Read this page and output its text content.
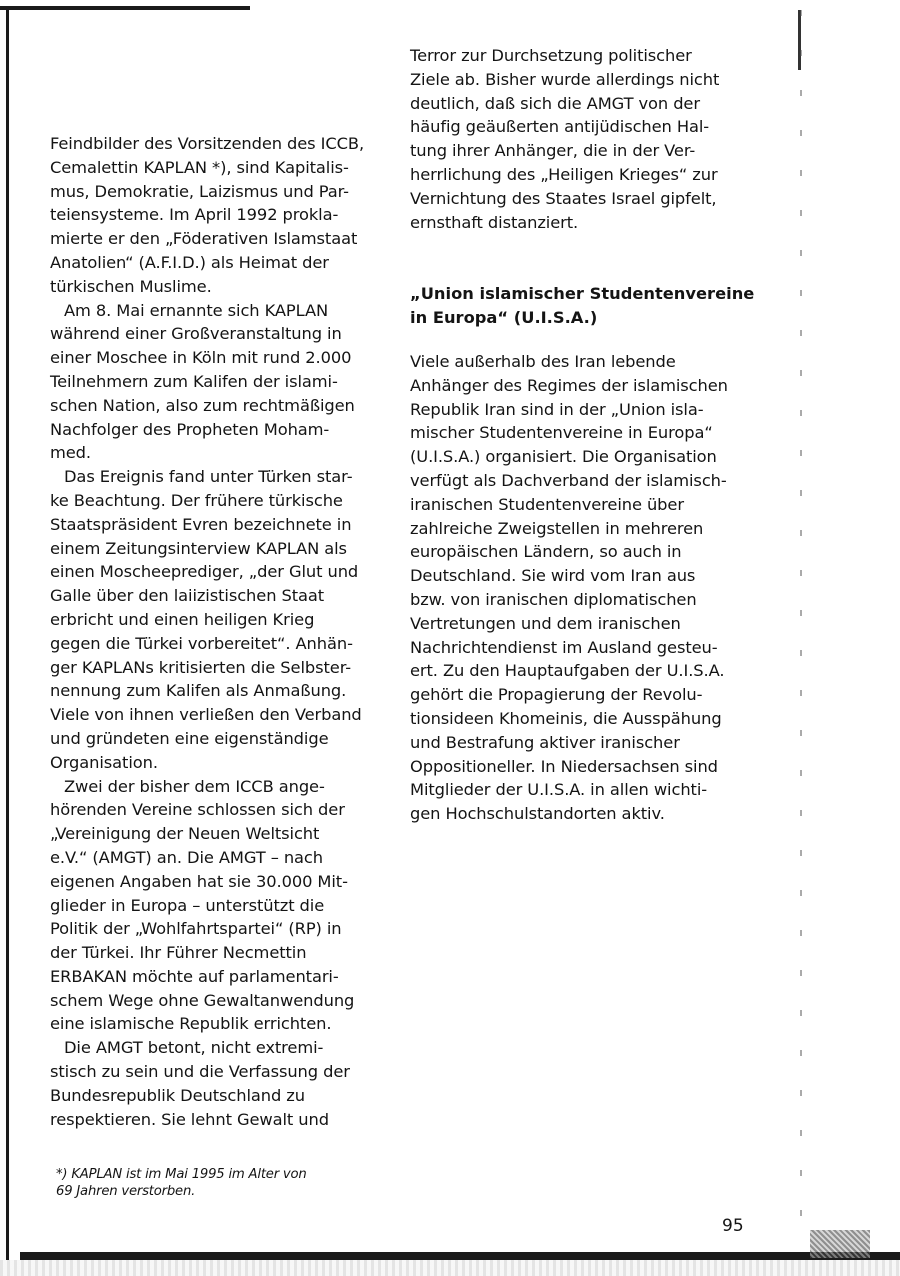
Feindbilder des Vorsitzenden des ICCB,
Cemalettin KAPLAN *), sind Kapitalis-
mus, Demokratie, Laizismus und Par-
teiensysteme. Im April 1992 prokla-
mierte er den „Föderativen Islamstaat
Anatolien“ (A.F.I.D.) als Heimat der
türkischen Muslime.
Am 8. Mai ernannte sich KAPLAN
während einer Großveranstaltung in
einer Moschee in Köln mit rund 2.000
Teilnehmern zum Kalifen der islami-
schen Nation, also zum rechtmäßigen
Nachfolger des Propheten Moham-
med.
Das Ereignis fand unter Türken star-
ke Beachtung. Der frühere türkische
Staatspräsident Evren bezeichnete in
einem Zeitungsinterview KAPLAN als
einen Moscheeprediger, „der Glut und
Galle über den laiizistischen Staat
erbricht und einen heiligen Krieg
gegen die Türkei vorbereitet“. Anhän-
ger KAPLANs kritisierten die Selbster-
nennung zum Kalifen als Anmaßung.
Viele von ihnen verließen den Verband
und gründeten eine eigenständige
Organisation.
Zwei der bisher dem ICCB ange-
hörenden Vereine schlossen sich der
„Vereinigung der Neuen Weltsicht
e.V.“ (AMGT) an. Die AMGT – nach
eigenen Angaben hat sie 30.000 Mit-
glieder in Europa – unterstützt die
Politik der „Wohlfahrtspartei“ (RP) in
der Türkei. Ihr Führer Necmettin
ERBAKAN möchte auf parlamentari-
schem Wege ohne Gewaltanwendung
eine islamische Republik errichten.
Die AMGT betont, nicht extremi-
stisch zu sein und die Verfassung der
Bundesrepublik Deutschland zu
respektieren. Sie lehnt Gewalt und
Terror zur Durchsetzung politischer
Ziele ab. Bisher wurde allerdings nicht
deutlich, daß sich die AMGT von der
häufig geäußerten antijüdischen Hal-
tung ihrer Anhänger, die in der Ver-
herrlichung des „Heiligen Krieges“ zur
Vernichtung des Staates Israel gipfelt,
ernsthaft distanziert.
„Union islamischer Studentenvereine
in Europa“ (U.I.S.A.)
Viele außerhalb des Iran lebende
Anhänger des Regimes der islamischen
Republik Iran sind in der „Union isla-
mischer Studentenvereine in Europa“
(U.I.S.A.) organisiert. Die Organisation
verfügt als Dachverband der islamisch-
iranischen Studentenvereine über
zahlreiche Zweigstellen in mehreren
europäischen Ländern, so auch in
Deutschland. Sie wird vom Iran aus
bzw. von iranischen diplomatischen
Vertretungen und dem iranischen
Nachrichtendienst im Ausland gesteu-
ert. Zu den Hauptaufgaben der U.I.S.A.
gehört die Propagierung der Revolu-
tionsideen Khomeinis, die Ausspähung
und Bestrafung aktiver iranischer
Oppositioneller. In Niedersachsen sind
Mitglieder der U.I.S.A. in allen wichti-
gen Hochschulstandorten aktiv.
*) KAPLAN ist im Mai 1995 im Alter von
69 Jahren verstorben.
95
